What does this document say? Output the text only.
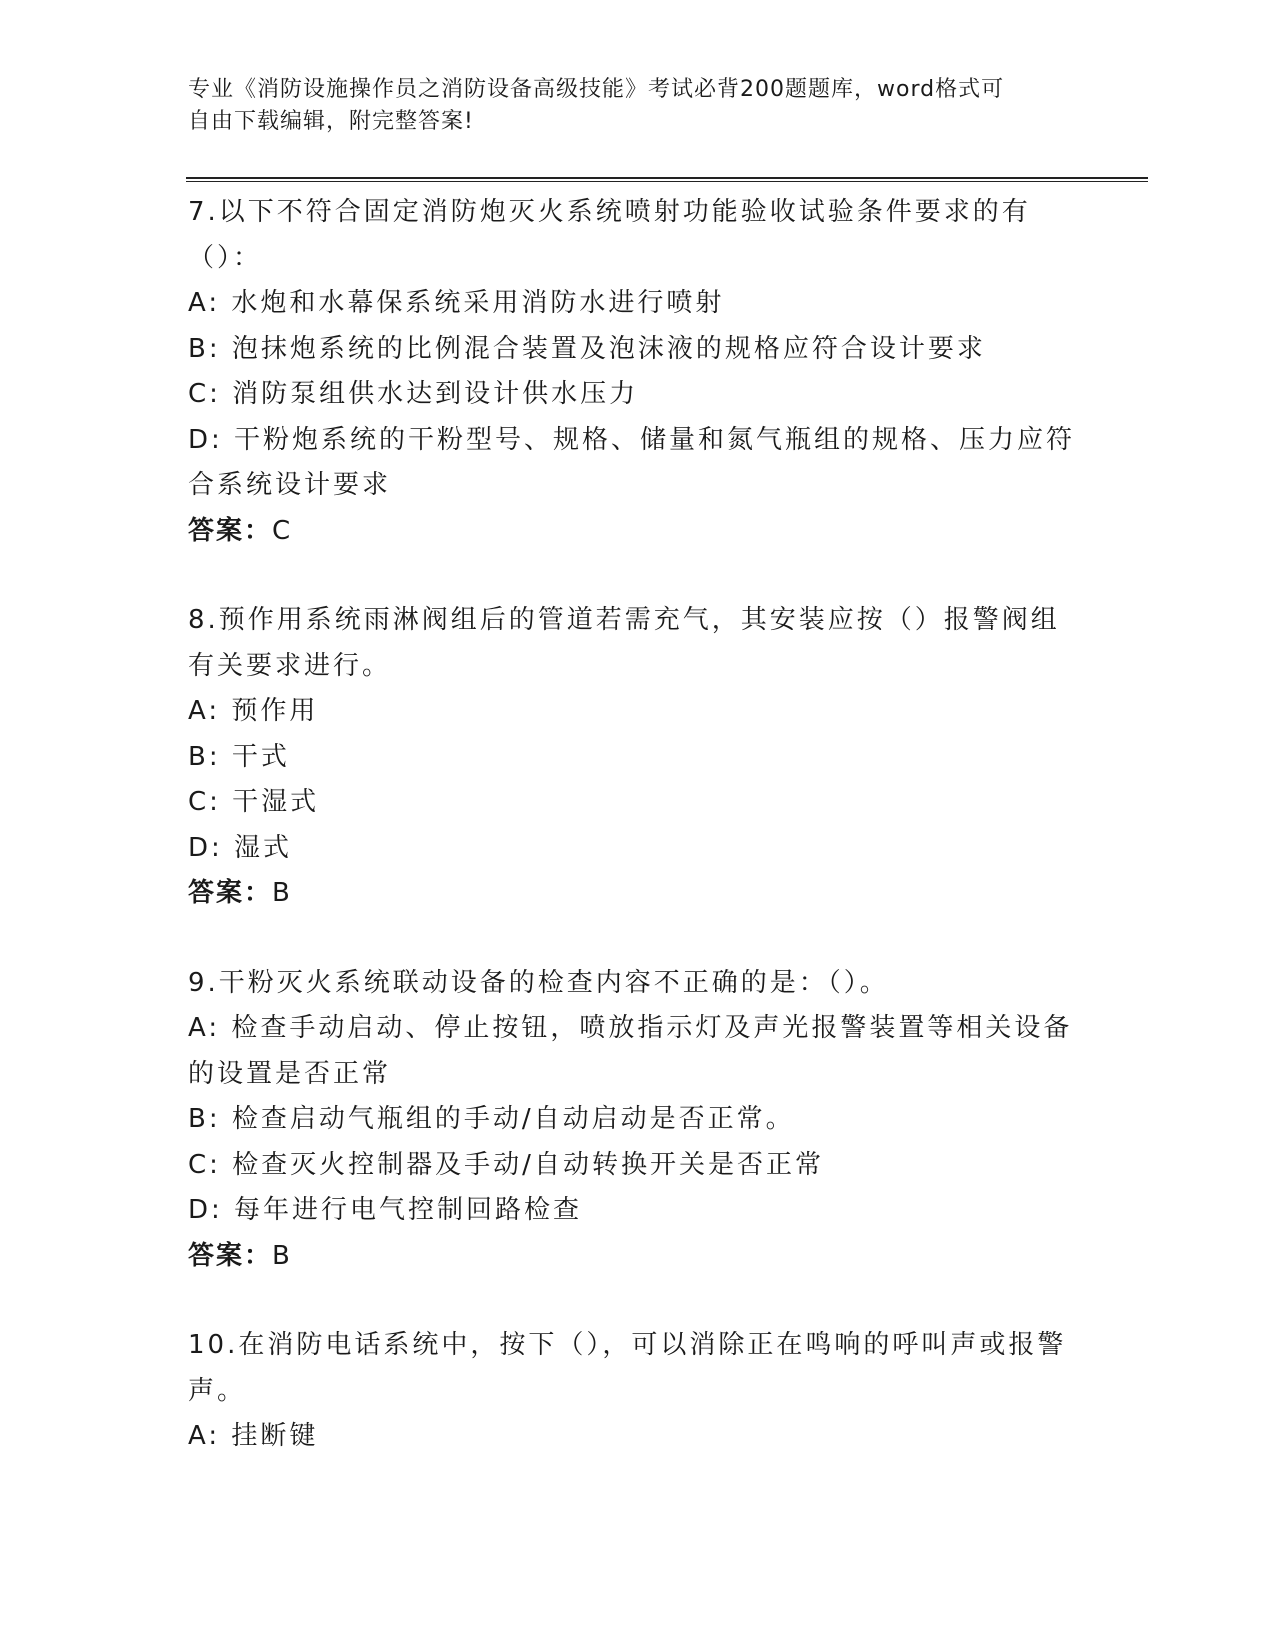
专业《消防设施操作员之消防设备高级技能》考试必背200题题库，word格式可
自由下载编辑，附完整答案!

7.以下不符合固定消防炮灭火系统喷射功能验收试验条件要求的有（）：

A: 水炮和水幕保系统采用消防水进行喷射

B: 泡抹炮系统的比例混合装置及泡沫液的规格应符合设计要求

C: 消防泵组供水达到设计供水压力

D: 干粉炮系统的干粉型号、规格、储量和氮气瓶组的规格、压力应符合系统设计要求

答案：C

8.预作用系统雨淋阀组后的管道若需充气，其安装应按（）报警阀组有关要求进行。

A: 预作用

B: 干式

C: 干湿式

D: 湿式

答案：B

9.干粉灭火系统联动设备的检查内容不正确的是：（）。

A: 检查手动启动、停止按钮，喷放指示灯及声光报警装置等相关设备的设置是否正常

B: 检查启动气瓶组的手动/自动启动是否正常。

C: 检查灭火控制器及手动/自动转换开关是否正常

D: 每年进行电气控制回路检查

答案：B

10.在消防电话系统中，按下（），可以消除正在鸣响的呼叫声或报警声。

A: 挂断键
